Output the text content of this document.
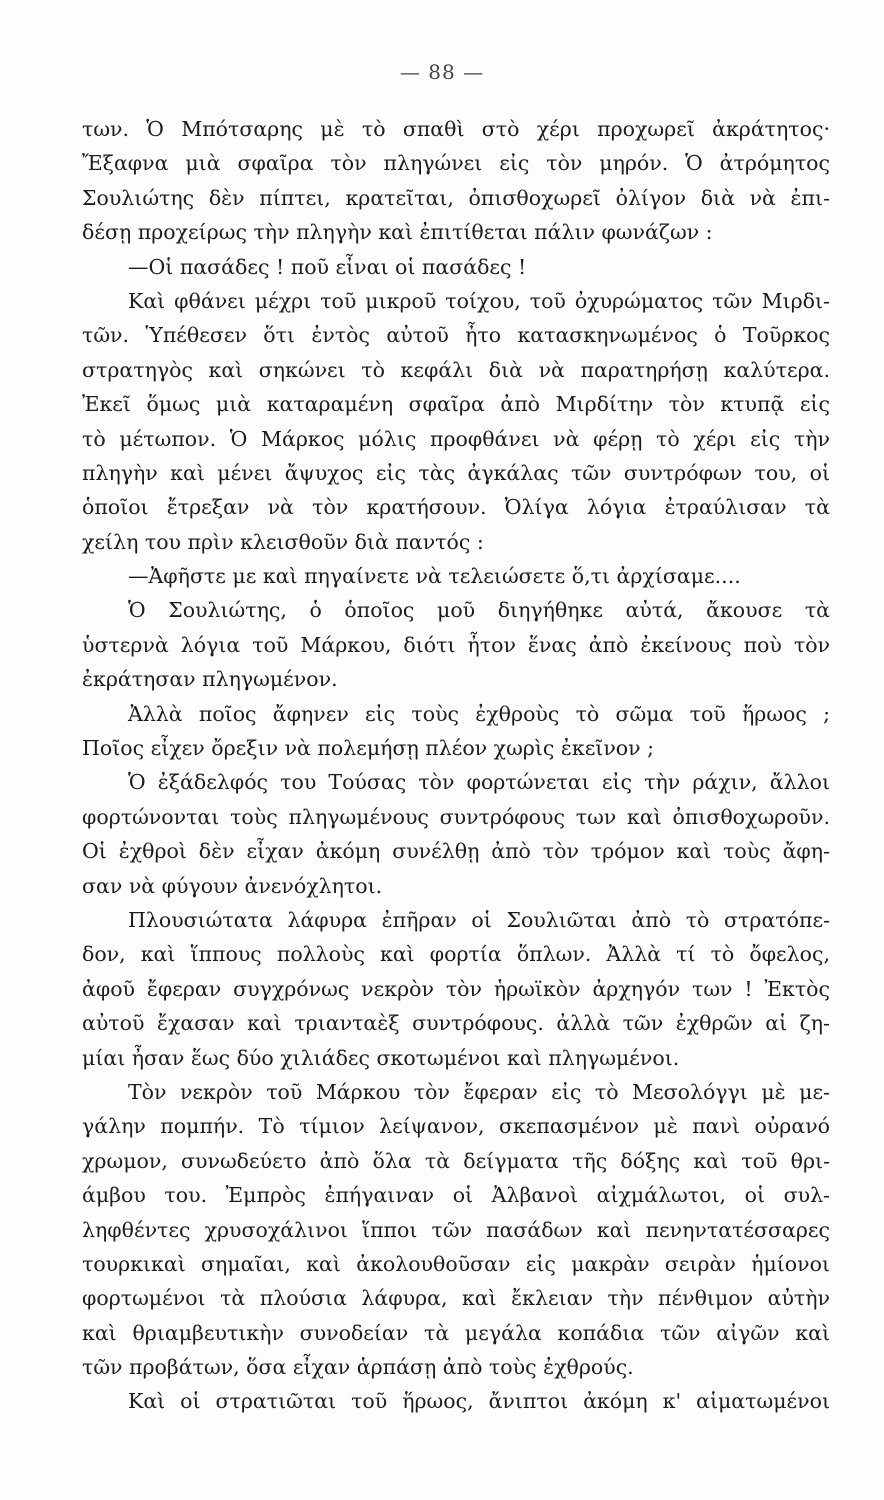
— 88 —
των. Ὁ Μπότσαρης μὲ τὸ σπαθὶ στὸ χέρι προχωρεῖ ἀκράτητος·
Ἔξαφνα μιὰ σφαῖρα τὸν πληγώνει εἰς τὸν μηρόν. Ὁ ἀτρόμητος
Σουλιώτης δὲν πίπτει, κρατεῖται, ὀπισθοχωρεῖ ὀλίγον διὰ νὰ ἐπι-
δέσῃ προχείρως τὴν πληγὴν καὶ ἐπιτίθεται πάλιν φωνάζων :
—Οἱ πασάδες ! ποῦ εἶναι οἱ πασάδες !
Καὶ φθάνει μέχρι τοῦ μικροῦ τοίχου, τοῦ ὀχυρώματος τῶν Μιρδι-
τῶν. Ὑπέθεσεν ὅτι ἐντὸς αὐτοῦ ἦτο κατασκηνωμένος ὁ Τοῦρκος
στρατηγὸς καὶ σηκώνει τὸ κεφάλι διὰ νὰ παρατηρήσῃ καλύτερα.
Ἐκεῖ ὅμως μιὰ καταραμένη σφαῖρα ἀπὸ Μιρδίτην τὸν κτυπᾷ εἰς
τὸ μέτωπον. Ὁ Μάρκος μόλις προφθάνει νὰ φέρῃ τὸ χέρι εἰς τὴν
πληγὴν καὶ μένει ἄψυχος εἰς τὰς ἀγκάλας τῶν συντρόφων του, οἱ
ὁποῖοι ἔτρεξαν νὰ τὸν κρατήσουν. Ὀλίγα λόγια ἐτραύλισαν τὰ
χείλη του πρὶν κλεισθοῦν διὰ παντός :
—Ἀφῆστε με καὶ πηγαίνετε νὰ τελειώσετε ὅ,τι ἀρχίσαμε....
Ὁ Σουλιώτης, ὁ ὁποῖος μοῦ διηγήθηκε αὐτά, ἄκουσε τὰ
ὑστερνὰ λόγια τοῦ Μάρκου, διότι ἦτον ἕνας ἀπὸ ἐκείνους ποὺ τὸν
ἐκράτησαν πληγωμένον.
Ἀλλὰ ποῖος ἄφηνεν εἰς τοὺς ἐχθροὺς τὸ σῶμα τοῦ ἥρωος ;
Ποῖος εἶχεν ὄρεξιν νὰ πολεμήσῃ πλέον χωρὶς ἐκεῖνον ;
Ὁ ἐξάδελφός του Τούσας τὸν φορτώνεται εἰς τὴν ράχιν, ἄλλοι
φορτώνονται τοὺς πληγωμένους συντρόφους των καὶ ὀπισθοχωροῦν.
Οἱ ἐχθροὶ δὲν εἶχαν ἀκόμη συνέλθῃ ἀπὸ τὸν τρόμον καὶ τοὺς ἄφη-
σαν νὰ φύγουν ἀνενόχλητοι.
Πλουσιώτατα λάφυρα ἐπῆραν οἱ Σουλιῶται ἀπὸ τὸ στρατόπε-
δον, καὶ ἵππους πολλοὺς καὶ φορτία ὅπλων. Ἀλλὰ τί τὸ ὄφελος,
ἀφοῦ ἔφεραν συγχρόνως νεκρὸν τὸν ἡρωϊκὸν ἀρχηγόν των ! Ἐκτὸς
αὐτοῦ ἔχασαν καὶ τριανταὲξ συντρόφους. ἀλλὰ τῶν ἐχθρῶν αἱ ζη-
μίαι ἦσαν ἕως δύο χιλιάδες σκοτωμένοι καὶ πληγωμένοι.
Τὸν νεκρὸν τοῦ Μάρκου τὸν ἔφεραν εἰς τὸ Μεσολόγγι μὲ με-
γάλην πομπήν. Τὸ τίμιον λείψανον, σκεπασμένον μὲ πανὶ οὐρανό
χρωμον, συνωδεύετο ἀπὸ ὅλα τὰ δείγματα τῆς δόξης καὶ τοῦ θρι-
άμβου του. Ἐμπρὸς ἐπήγαιναν οἱ Ἀλβανοὶ αἰχμάλωτοι, οἱ συλ-
ληφθέντες χρυσοχάλινοι ἵπποι τῶν πασάδων καὶ πενηντατέσσαρες
τουρκικαὶ σημαῖαι, καὶ ἀκολουθοῦσαν εἰς μακρὰν σειρὰν ἡμίονοι
φορτωμένοι τὰ πλούσια λάφυρα, καὶ ἔκλειαν τὴν πένθιμον αὐτὴν
καὶ θριαμβευτικὴν συνοδείαν τὰ μεγάλα κοπάδια τῶν αἰγῶν καὶ
τῶν προβάτων, ὅσα εἶχαν ἁρπάσῃ ἀπὸ τοὺς ἐχθρούς.
Καὶ οἱ στρατιῶται τοῦ ἥρωος, ἄνιπτοι ἀκόμη κ' αἱματωμένοι
